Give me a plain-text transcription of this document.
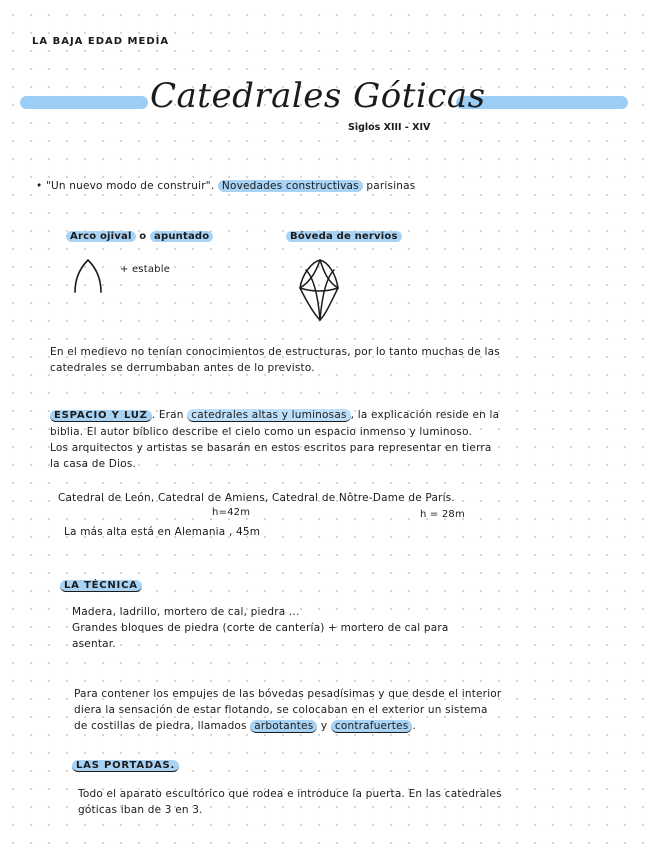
LA BAJA EDAD MEDÍA
Catedrales Góticas
Siglos XIII - XIV
• "Un nuevo modo de construir". Novedades constructivas parisinas
Arco ojival o apuntado	Bóveda de nervios
+ estable
En el medievo no tenían conocimientos de estructuras, por lo tanto muchas de las
catedrales se derrumbaban antes de lo previsto.
ESPACIO Y LUZ . Eran catedrales altas y luminosas , la explicación reside en la
biblia. El autor bíblico describe el cielo como un espacio inmenso y luminoso.
Los arquitectos y artistas se basarán en estos escritos para representar en tierra
la casa de Dios.
Catedral de León, Catedral de Amiens, Catedral de Nôtre-Dame de París.
h=42m	h = 28m
La más alta está en Alemania , 45m
LA TÉCNICA
Madera, ladrillo, mortero de cal, piedra ...
Grandes bloques de piedra (corte de cantería) + mortero de cal para
asentar.
Para contener los empujes de las bóvedas pesadísimas y que desde el interior
diera la sensación de estar flotando, se colocaban en el exterior un sistema
de costillas de piedra, llamados arbotantes y contrafuertes .
LAS PORTADAS.
Todo el aparato escultórico que rodea e introduce la puerta. En las catedrales
góticas iban de 3 en 3.
